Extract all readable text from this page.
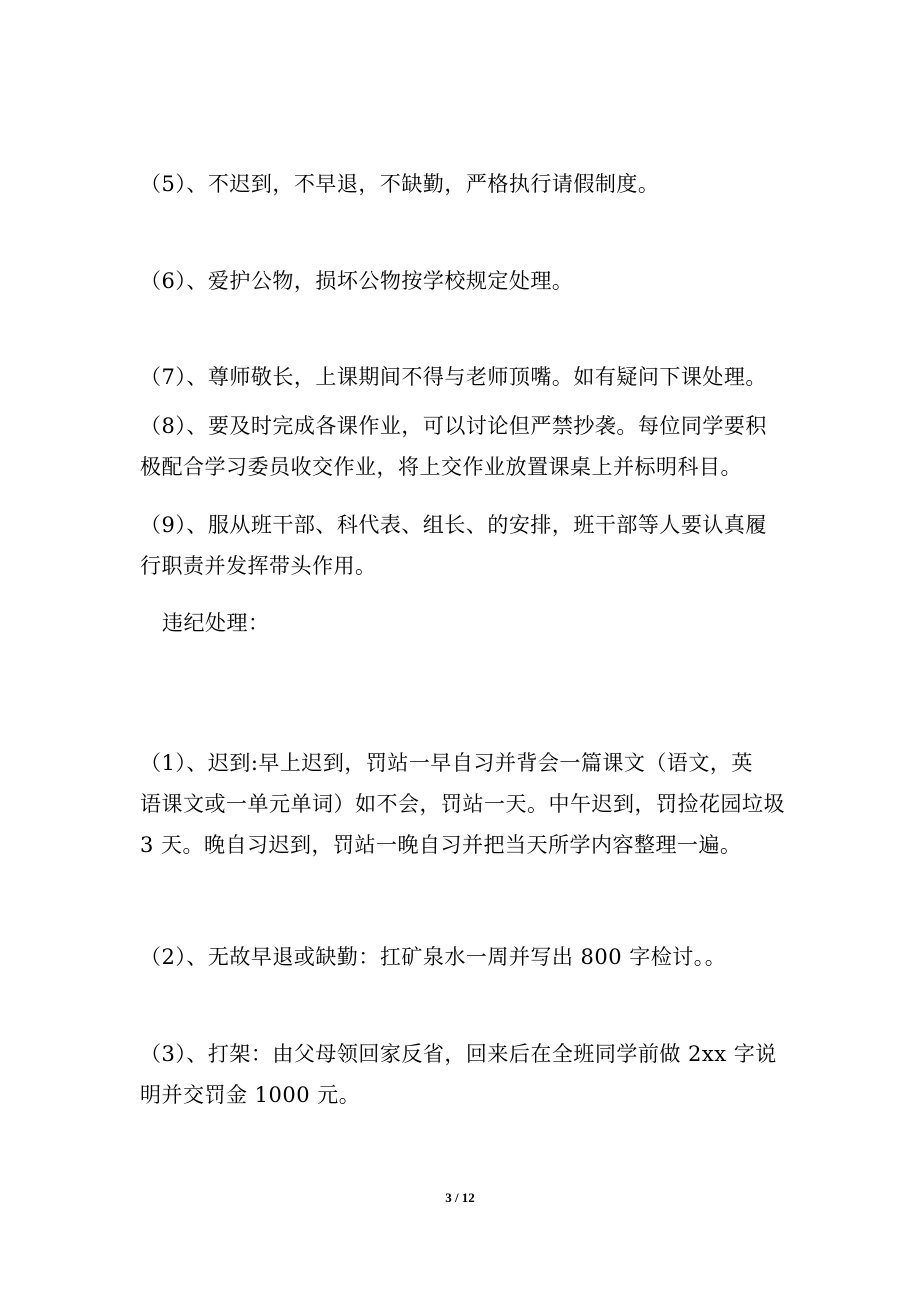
（5）、不迟到，不早退，不缺勤，严格执行请假制度。

（6）、爱护公物，损坏公物按学校规定处理。

（7）、尊师敬长，上课期间不得与老师顶嘴。如有疑问下课处理。

（8）、要及时完成各课作业，可以讨论但严禁抄袭。每位同学要积
极配合学习委员收交作业，将上交作业放置课桌上并标明科目。

（9）、服从班干部、科代表、组长、的安排，班干部等人要认真履
行职责并发挥带头作用。

违纪处理：

（1）、迟到:早上迟到，罚站一早自习并背会一篇课文（语文，英
语课文或一单元单词）如不会，罚站一天。中午迟到，罚捡花园垃圾
3 天。晚自习迟到，罚站一晚自习并把当天所学内容整理一遍。

（2）、无故早退或缺勤：扛矿泉水一周并写出 800 字检讨。。

（3）、打架：由父母领回家反省，回来后在全班同学前做 2xx 字说
明并交罚金 1000 元。

3 / 12
